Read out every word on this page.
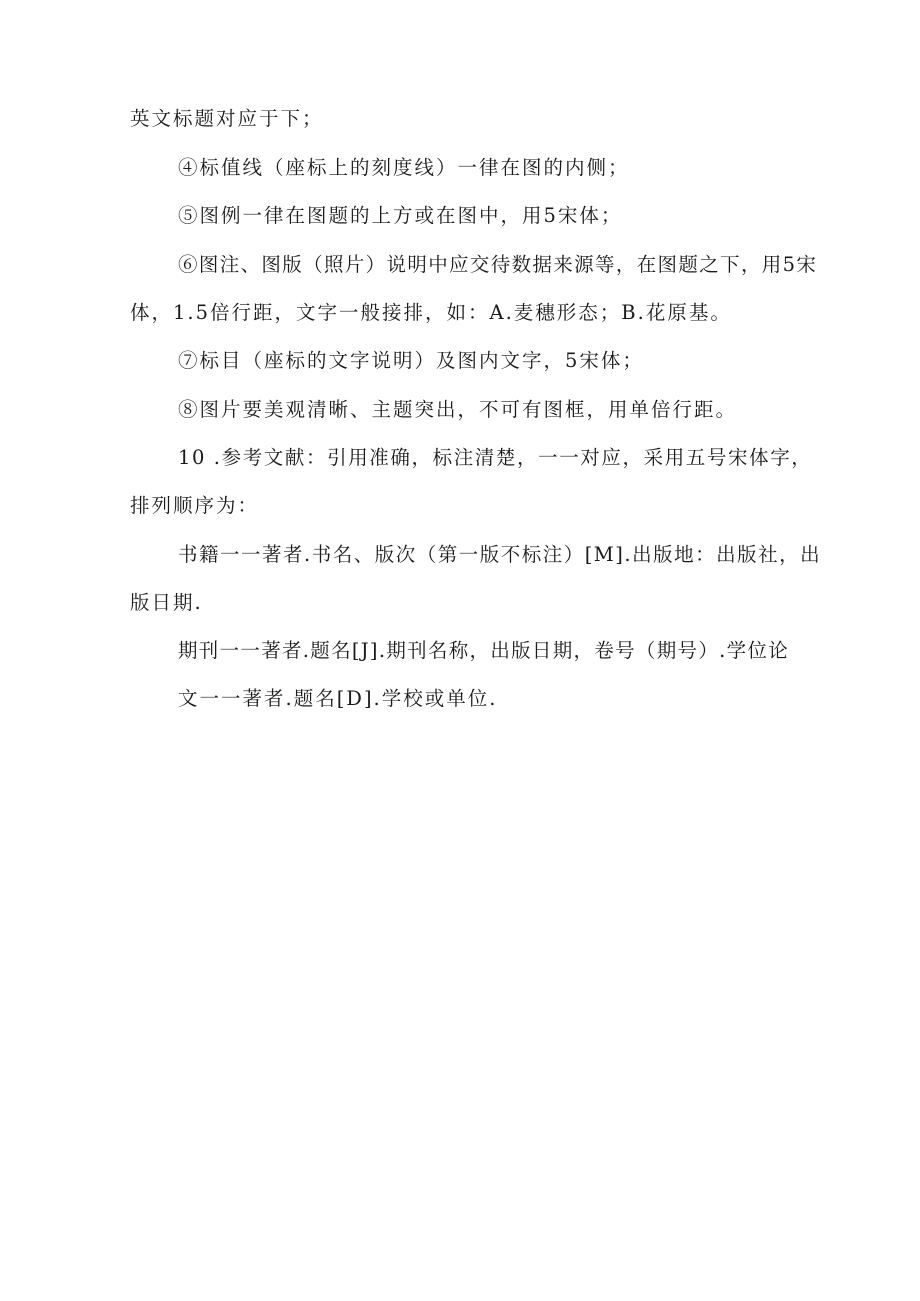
英文标题对应于下；

④标值线（座标上的刻度线）一律在图的内侧；

⑤图例一律在图题的上方或在图中，用5宋体；

⑥图注、图版（照片）说明中应交待数据来源等，在图题之下，用5宋

体，1.5倍行距，文字一般接排，如：A.麦穗形态；B.花原基。

⑦标目（座标的文字说明）及图内文字，5宋体；

⑧图片要美观清晰、主题突出，不可有图框，用单倍行距。

10 .参考文献：引用准确，标注清楚，一一对应，采用五号宋体字，

排列顺序为：

书籍一一著者.书名、版次（第一版不标注）[M].出版地：出版社，出

版日期.

期刊一一著者.题名[J].期刊名称，出版日期，卷号（期号）.学位论

文一一著者.题名[D].学校或单位.
